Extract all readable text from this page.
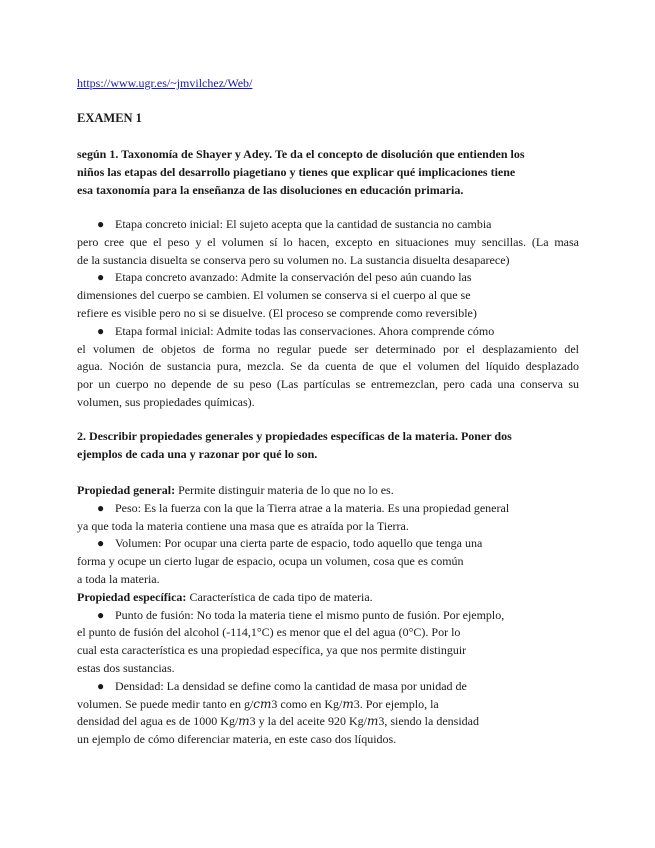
https://www.ugr.es/~jmvilchez/Web/
EXAMEN 1
según 1. Taxonomía de Shayer y Adey. Te da el concepto de disolución que entienden los
niños las etapas del desarrollo piagetiano y tienes que explicar qué implicaciones tiene
esa taxonomía para la enseñanza de las disoluciones en educación primaria.
● Etapa concreto inicial: El sujeto acepta que la cantidad de sustancia no cambia
pero cree que el peso y el volumen sí lo hacen, excepto en situaciones muy sencillas. (La masa
de la sustancia disuelta se conserva pero su volumen no. La sustancia disuelta desaparece)
● Etapa concreto avanzado: Admite la conservación del peso aún cuando las
dimensiones del cuerpo se cambien. El volumen se conserva si el cuerpo al que se
refiere es visible pero no si se disuelve. (El proceso se comprende como reversible)
● Etapa formal inicial: Admite todas las conservaciones. Ahora comprende cómo
el volumen de objetos de forma no regular puede ser determinado por el desplazamiento del
agua. Noción de sustancia pura, mezcla. Se da cuenta de que el volumen del líquido desplazado
por un cuerpo no depende de su peso (Las partículas se entremezclan, pero cada una conserva su
volumen, sus propiedades químicas).
2. Describir propiedades generales y propiedades específicas de la materia. Poner dos
ejemplos de cada una y razonar por qué lo son.
Propiedad general: Permite distinguir materia de lo que no lo es.
● Peso: Es la fuerza con la que la Tierra atrae a la materia. Es una propiedad general
ya que toda la materia contiene una masa que es atraída por la Tierra.
● Volumen: Por ocupar una cierta parte de espacio, todo aquello que tenga una
forma y ocupe un cierto lugar de espacio, ocupa un volumen, cosa que es común
a toda la materia.
Propiedad específica: Característica de cada tipo de materia.
● Punto de fusión: No toda la materia tiene el mismo punto de fusión. Por ejemplo,
el punto de fusión del alcohol (-114,1°C) es menor que el del agua (0°C). Por lo
cual esta característica es una propiedad específica, ya que nos permite distinguir
estas dos sustancias.
● Densidad: La densidad se define como la cantidad de masa por unidad de
volumen. Se puede medir tanto en g/𝑐𝑚3 como en Kg/𝑚3. Por ejemplo, la
densidad del agua es de 1000 Kg/𝑚3 y la del aceite 920 Kg/𝑚3, siendo la densidad
un ejemplo de cómo diferenciar materia, en este caso dos líquidos.
